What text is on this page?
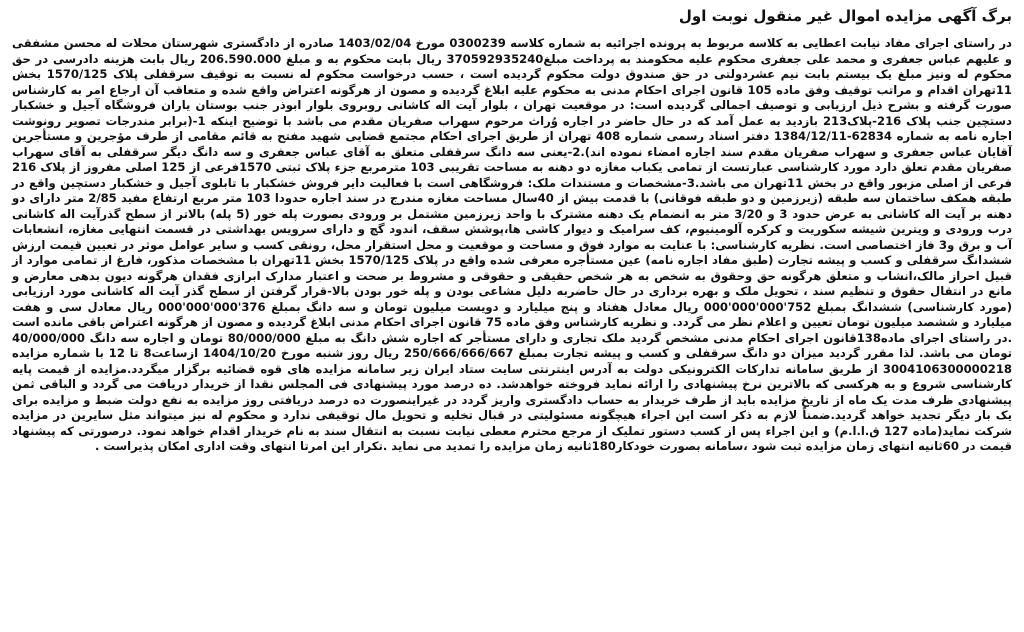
برگ آگهی مزایده اموال غیر منقول نوبت اول

در راستای اجرای مفاد نیابت اعطایی به کلاسه مربوط به پرونده اجرائیه به شماره کلاسه 0300239 مورخ 1403/02/04 صادره از دادگستری شهرستان محلات له محسن مشفقی و علیهم عباس جعفری و محمد علی جعفری محکوم علیه محکومند به پرداخت مبلغ370592935240 ریال بابت محکوم به و مبلغ 206.590.000 ریال بابت هزینه دادرسی در حق محکوم له ونیز مبلغ یک بیستم بابت نیم عشردولتی در حق صندوق دولت محکوم گردیده است ، حسب درخواست محکوم له نسبت به توقیف سرقفلی پلاک 1570/125 بخش 11تهران اقدام و مراتب توقیف وفق ماده 105 قانون اجرای احکام مدنی به محکوم علیه ابلاغ گردیده و مصون از هرگونه اعتراض واقع شده و متعاقب آن ارجاع امر به کارشناس صورت گرفته و بشرح ذیل ارزیابی و توصیف اجمالی گردیده است: در موقعیت تهران ، بلوار آیت اله کاشانی روبروی بلوار ابوذر جنب بوستان یاران فروشگاه آجیل و خشکبار دستچین جنب پلاک 216-پلاک213 بازدید به عمل آمد که در حال حاضر در اجاره وُراث مرحوم سهراب صفریان مقدم می باشد با توضیح اینکه 1-(برابر مندرجات تصویر رونوشت اجاره نامه به شماره 62834-1384/12/11 دفتر اسناد رسمی شماره 408 تهران از طریق اجرای احکام مجتمع قضایی شهید مفتح به قائم مقامی از طرف مؤجرین و مستأجرین آقایان عباس جعفری و سهراب صفریان مقدم سند اجاره امضاء نموده اند).2-یعنی سه دانگ سرقفلی متعلق به آقای عباس جعفری و سه دانگ دیگر سرقفلی به آقای سهراب صفریان مقدم تعلق دارد مورد کارشناسی عبارتست از تمامی یکباب مغازه دو دهنه به مساحت تقریبی 103 مترمربع جزء پلاک ثبتی 1570فرعی از 125 اصلی مفروز از پلاک 216 فرعی از اصلی مزبور واقع در بخش 11تهران می باشد.3-مشخصات و مستندات ملک: فروشگاهی است با فعالیت دایر فروش خشکبار با تابلوی آجیل و خشکبار دستچین واقع در طبقه همکف ساختمان سه طبقه (زیرزمین و دو طبقه فوقانی) با قدمت بیش از 40سال مساحت مغازه مندرج در سند اجاره حدودا 103 متر مربع ارتفاع مفید 2/85 متر دارای دو دهنه بر آیت اله کاشانی به عرض حدود 3 و 3/20 متر به انضمام یک دهنه مشترک با واحد زیرزمین مشتمل بر ورودی بصورت پله خور (5 پله) بالاتر از سطح گذرآیت اله کاشانی درب ورودی و ویترین شیشه سکوریت و کرکره آلومینیوم، کف سرامیک و دیوار کاشی ها،پوشش سقف، اندود گچ و دارای سرویس بهداشتی در قسمت انتهایی مغازه، انشعابات آب و برق و3 فاز اختصاصی است. نظریه کارشناسی: با عنایت به موارد فوق و مساحت و موقعیت و محل استقرار محل، رونقی کسب و سایر عوامل موثر در تعیین قیمت ارزش ششدانگ سرقفلی و کسب و پیشه تجارت (طبق مفاد اجاره نامه) عین مستأجره معرفی شده واقع در پلاک 1570/125 بخش 11تهران با مشخصات مذکور، فارغ از تمامی موارد از قبیل احراز مالک،انشاب و متعلق هرگونه حق وحقوق به شخص به هر شخص حقیقی و حقوقی و مشروط بر صحت و اعتبار مدارک ابرازی فقدان هرگونه دیون بدهی معارض و مانع در انتقال حقوق و تنظیم سند ، تحویل ملک و بهره برداری در حال حاضربه دلیل مشاعی بودن و پله خور بودن بالا-قرار گرفتن از سطح گذر آیت اله کاشانی مورد ارزیابی (مورد کارشناسی) ششدانگ بمبلغ 752'000'000'000 ریال معادل هفتاد و پنج میلیارد و دویست میلیون تومان و سه دانگ بمبلغ 376'000'000'000 ریال معادل سی و هفت میلیارد و ششصد میلیون تومان تعیین و اعلام نظر می گردد. و نظریه کارشناس وفق ماده 75 قانون اجرای احکام مدنی ابلاغ گردیده و مصون از هرگونه اعتراض باقی مانده است .در راستای اجرای ماده138قانون اجرای احکام مدنی مشخص گردید ملک تجاری و دارای مستأجر که اجاره شش دانگ به مبلغ 80/000/000 تومان و اجاره سه دانگ 40/000/000 تومان می باشد. لذا مقرر گردید میزان دو دانگ سرقفلی و کسب و پیشه تجارت بمبلغ 250/666/666/667 ریال روز شنبه مورخ 1404/10/20 ازساعت8 تا 12 با شماره مزایده 3004106300000218 از طریق سامانه تدارکات الکترونیکی دولت به آدرس اینترنتی سایت ستاد ایران زیر سامانه مزایده های قوه قضائیه برگزار میگردد.مزایده از قیمت پایه کارشناسی شروع و به هرکسی که بالاترین نرخ پیشنهادی را ارائه نماید فروخته خواهدشد. ده درصد مورد پیشنهادی فی المجلس نقدا از خریدار دریافت می گردد و الباقی ثمن پیشنهادی ظرف مدت یک ماه از تاریخ مزایده باید از طرف خریدار به حساب دادگستری واریز گردد در غیراینصورت ده درصد دریافتی روز مزایده به نفع دولت ضبط و مزایده برای یک بار دیگر تجدید خواهد گردید.ضمناً لازم به ذکر است این اجراء هیچگونه مسئولیتی در قبال تخلیه و تحویل مال توقیفی ندارد و محکوم له نیز میتواند مثل سایرین در مزایده شرکت نماید(ماده 127 ق.ا.ا.م) و این اجراء پس از کسب دستور تملیک از مرجع محترم معطی نیابت نسبت به انتقال سند به نام خریدار اقدام خواهد نمود. درصورتی که پیشنهاد قیمت در 60ثانیه انتهای زمان مزایده ثبت شود ،سامانه بصورت خودکار180ثانیه زمان مزایده را تمدید می نماید .تکرار این امرتا انتهای وقت اداری امکان پذیراست .
